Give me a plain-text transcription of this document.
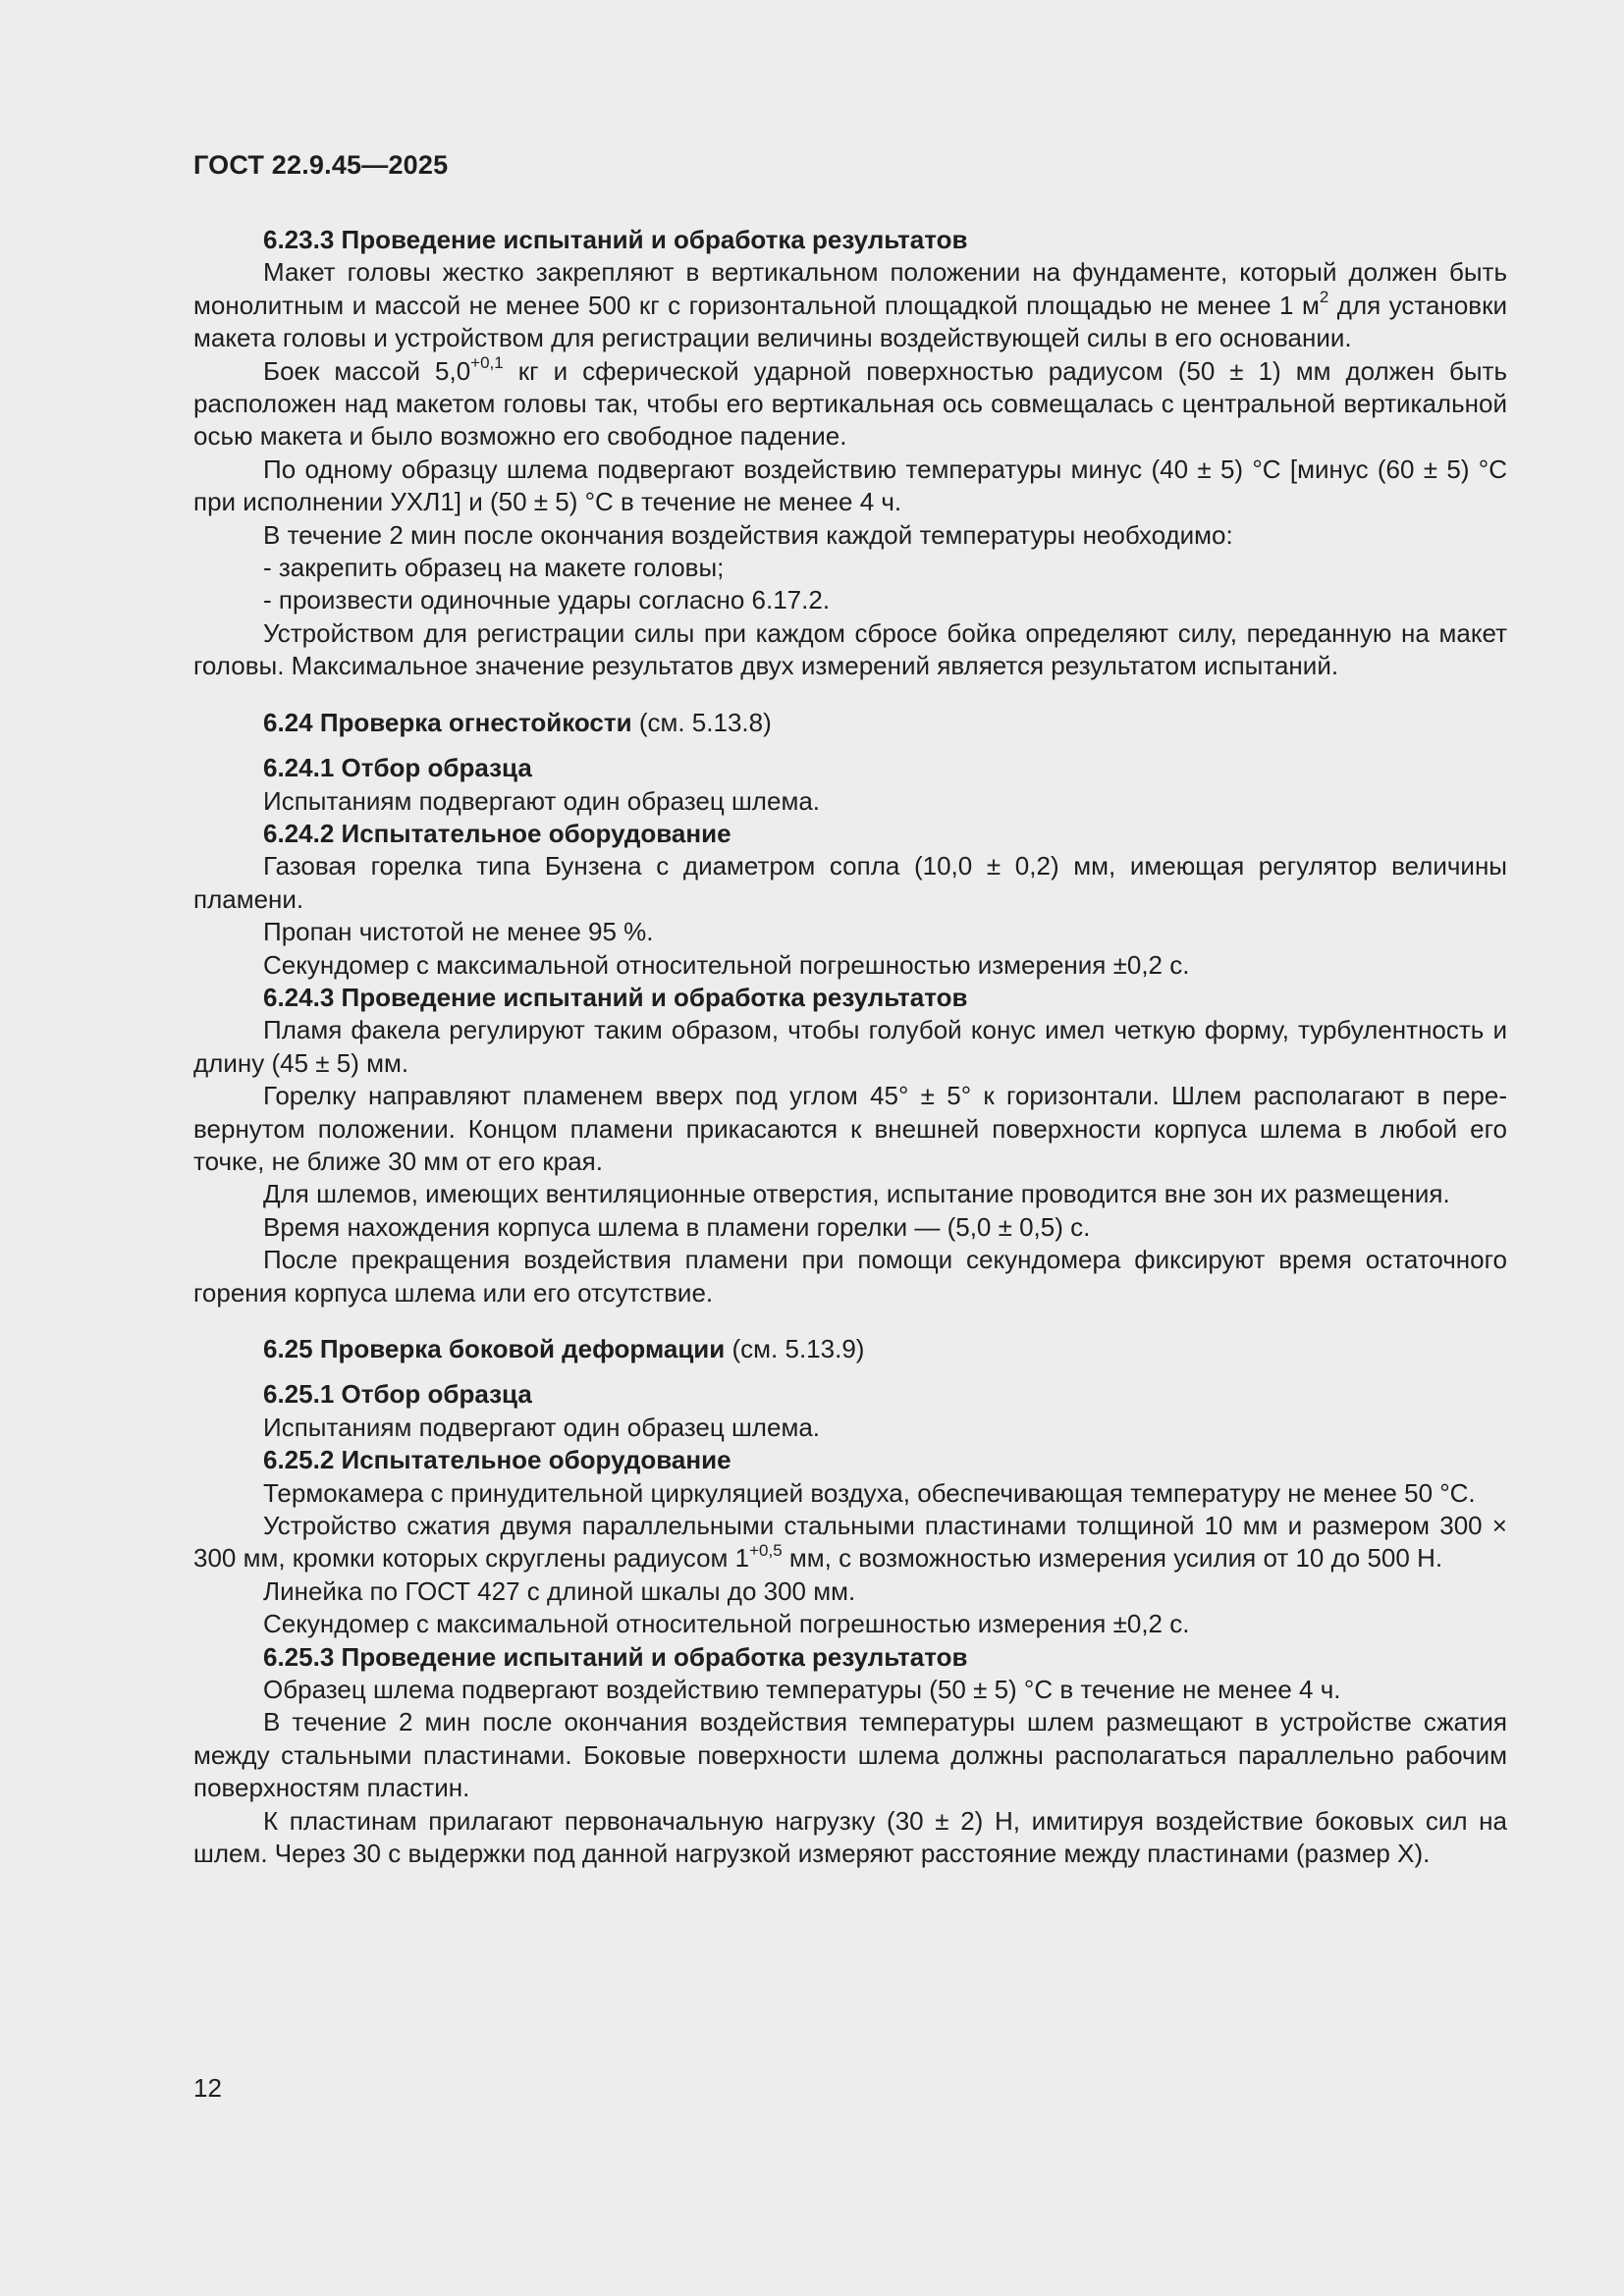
ГОСТ 22.9.45—2025

6.23.3 Проведение испытаний и обработка результатов

Макет головы жестко закрепляют в вертикальном положении на фундаменте, который должен быть монолитным и массой не менее 500 кг с горизонтальной площадкой площадью не менее 1 $м^2$ для установки макета головы и устройством для регистрации величины воздействующей силы в его основании.

Боек массой $5,0^{+0,1}$ кг и сферической ударной поверхностью радиусом (50 ± 1) мм должен быть расположен над макетом головы так, чтобы его вертикальная ось совмещалась с центральной вертикальной осью макета и было возможно его свободное падение.

По одному образцу шлема подвергают воздействию температуры минус (40 ± 5) °С [минус (60 ± 5) °С при исполнении УХЛ1] и (50 ± 5) °С в течение не менее 4 ч.

В течение 2 мин после окончания воздействия каждой температуры необходимо:

- закрепить образец на макете головы;

- произвести одиночные удары согласно 6.17.2.

Устройством для регистрации силы при каждом сбросе бойка определяют силу, переданную на макет головы. Максимальное значение результатов двух измерений является результатом испытаний.

6.24 Проверка огнестойкости (см. 5.13.8)

6.24.1 Отбор образца

Испытаниям подвергают один образец шлема.

6.24.2 Испытательное оборудование

Газовая горелка типа Бунзена с диаметром сопла (10,0 ± 0,2) мм, имеющая регулятор величины пламени.

Пропан чистотой не менее 95 %.

Секундомер с максимальной относительной погрешностью измерения ±0,2 с.

6.24.3 Проведение испытаний и обработка результатов

Пламя факела регулируют таким образом, чтобы голубой конус имел четкую форму, турбулентность и длину (45 ± 5) мм.

Горелку направляют пламенем вверх под углом 45° ± 5° к горизонтали. Шлем располагают в перевернутом положении. Концом пламени прикасаются к внешней поверхности корпуса шлема в любой его точке, не ближе 30 мм от его края.

Для шлемов, имеющих вентиляционные отверстия, испытание проводится вне зон их размещения.

Время нахождения корпуса шлема в пламени горелки — (5,0 ± 0,5) с.

После прекращения воздействия пламени при помощи секундомера фиксируют время остаточного горения корпуса шлема или его отсутствие.

6.25 Проверка боковой деформации (см. 5.13.9)

6.25.1 Отбор образца

Испытаниям подвергают один образец шлема.

6.25.2 Испытательное оборудование

Термокамера с принудительной циркуляцией воздуха, обеспечивающая температуру не менее 50 °С.

Устройство сжатия двумя параллельными стальными пластинами толщиной 10 мм и размером 300 × 300 мм, кромки которых скруглены радиусом $1^{+0,5}$ мм, с возможностью измерения усилия от 10 до 500 Н.

Линейка по ГОСТ 427 с длиной шкалы до 300 мм.

Секундомер с максимальной относительной погрешностью измерения ±0,2 с.

6.25.3 Проведение испытаний и обработка результатов

Образец шлема подвергают воздействию температуры (50 ± 5) °С в течение не менее 4 ч.

В течение 2 мин после окончания воздействия температуры шлем размещают в устройстве сжатия между стальными пластинами. Боковые поверхности шлема должны располагаться параллельно рабочим поверхностям пластин.

К пластинам прилагают первоначальную нагрузку (30 ± 2) Н, имитируя воздействие боковых сил на шлем. Через 30 с выдержки под данной нагрузкой измеряют расстояние между пластинами (размер Х).

12
